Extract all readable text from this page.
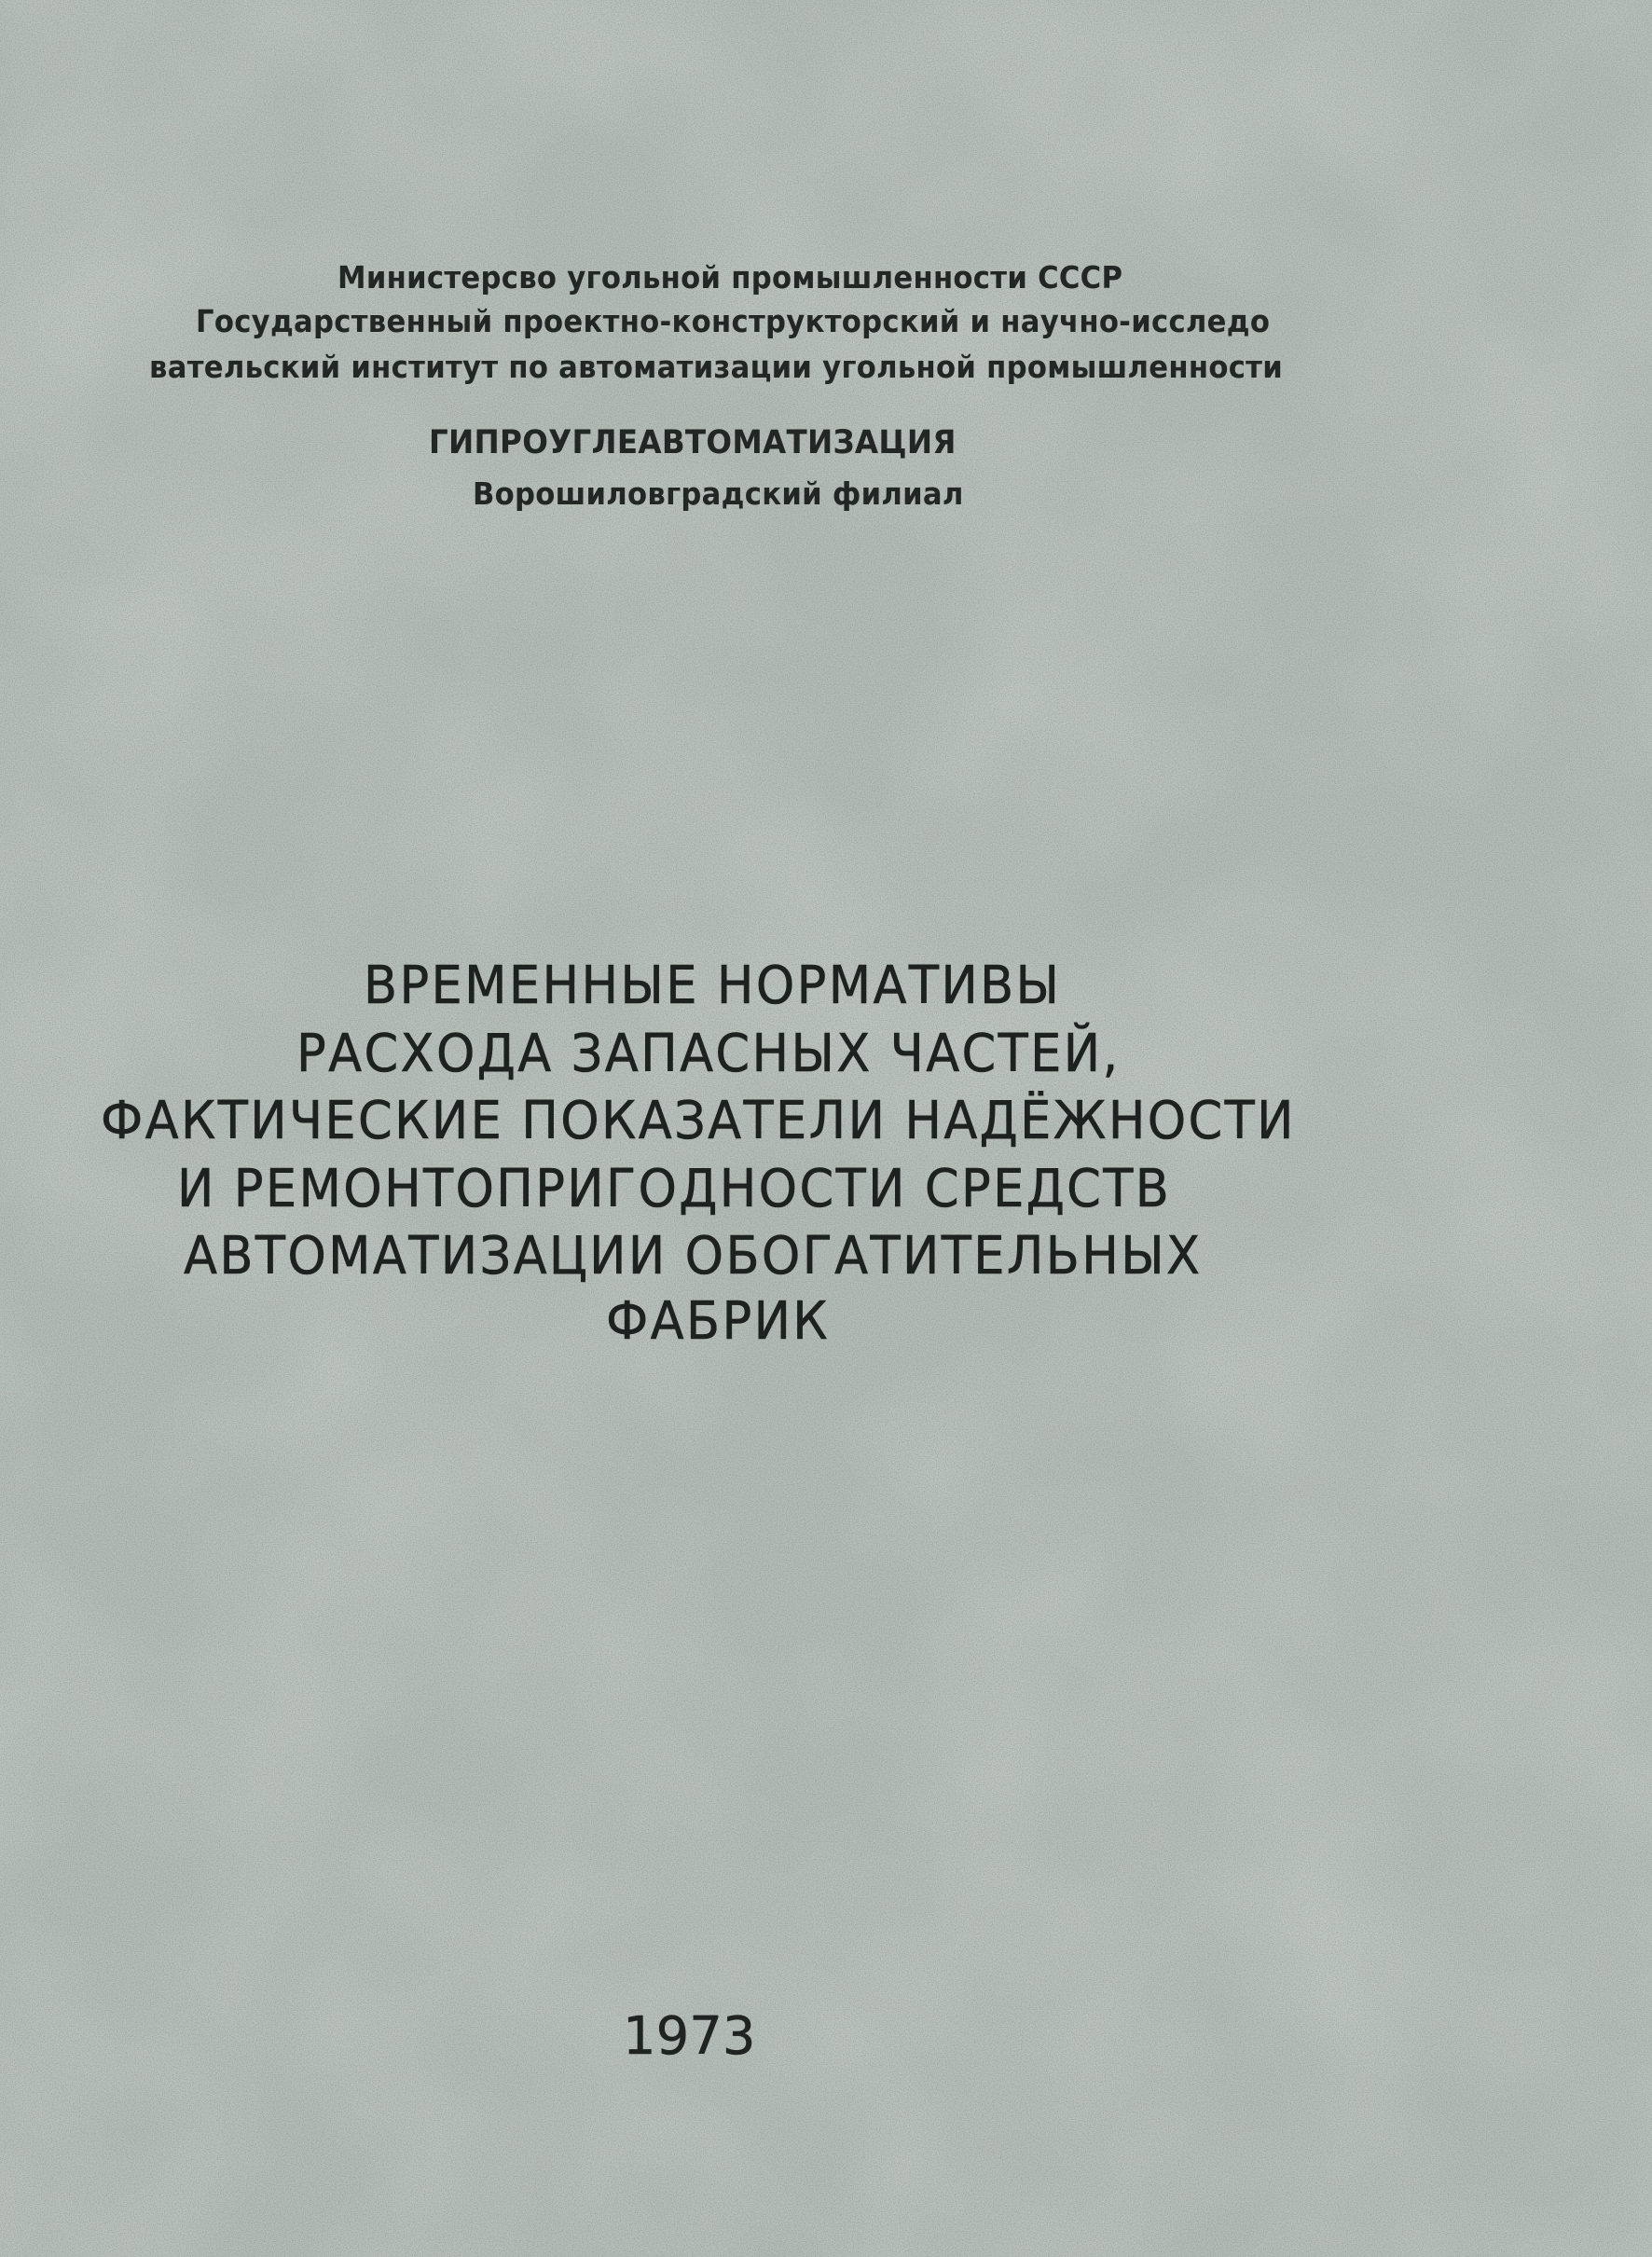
Министерсво угольной промышленности СССР

Государственный проектно-конструкторский и научно-исследо

вательский институт по автоматизации угольной промышленности

ГИПРОУГЛЕАВТОМАТИЗАЦИЯ

Ворошиловградский филиал

ВРЕМЕННЫЕ НОРМАТИВЫ

РАСХОДА ЗАПАСНЫХ ЧАСТЕЙ,

ФАКТИЧЕСКИЕ ПОКАЗАТЕЛИ НАДЁЖНОСТИ

И РЕМОНТОПРИГОДНОСТИ СРЕДСТВ

АВТОМАТИЗАЦИИ ОБОГАТИТЕЛЬНЫХ

ФАБРИК

1973
